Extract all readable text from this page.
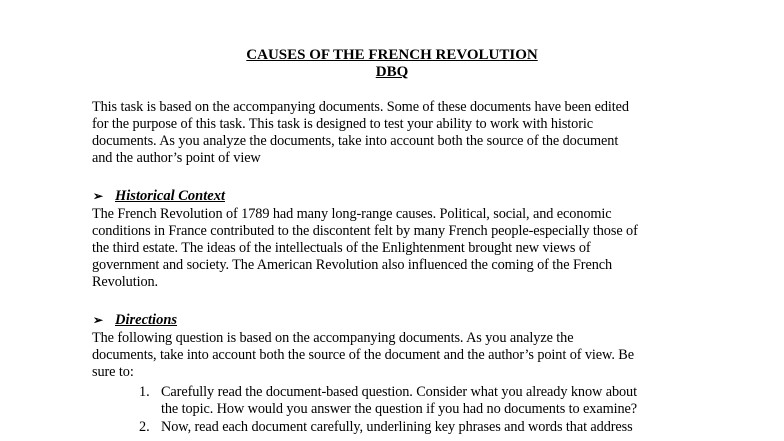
CAUSES OF THE FRENCH REVOLUTION
DBQ
This task is based on the accompanying documents. Some of these documents have been edited
for the purpose of this task. This task is designed to test your ability to work with historic
documents. As you analyze the documents, take into account both the source of the document
and the author’s point of view
➢ Historical Context
The French Revolution of 1789 had many long-range causes. Political, social, and economic
conditions in France contributed to the discontent felt by many French people-especially those of
the third estate. The ideas of the intellectuals of the Enlightenment brought new views of
government and society. The American Revolution also influenced the coming of the French
Revolution.
➢ Directions
The following question is based on the accompanying documents. As you analyze the
documents, take into account both the source of the document and the author’s point of view. Be
sure to:
1. Carefully read the document-based question. Consider what you already know about
the topic. How would you answer the question if you had no documents to examine?
2. Now, read each document carefully, underlining key phrases and words that address
